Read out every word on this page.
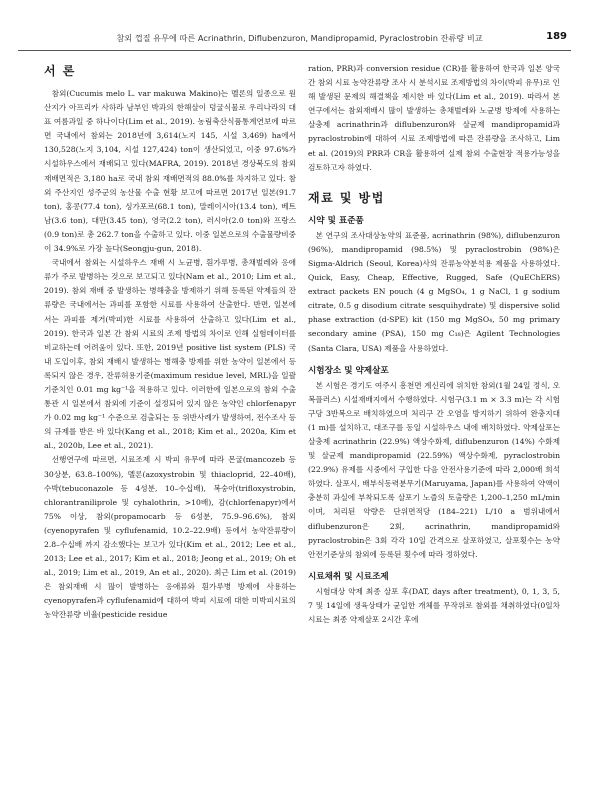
참외 껍질 유무에 따른 Acrinathrin, Diflubenzuron, Mandipropamid, Pyraclostrobin 잔류량 비교	189
서 론

참외(Cucumis melo L. var makuwa Makino)는 멜론의 일종으로 원산지가 아프리카 사하라 남부인 박과의 한해살이 덩굴식물로 우리나라의 대표 여름과일 중 하나이다(Lim et al., 2019). 농림축산식품통계연보에 따르면 국내에서 참외는 2018년에 3,614(노지 145, 시설 3,469) ha에서 130,528(노지 3,104, 시설 127,424) ton이 생산되었고, 이중 97.6%가 시설하우스에서 재배되고 있다(MAFRA, 2019). 2018년 경상북도의 참외 재배면적은 3,180 ha로 국내 참외 재배면적의 88.0%를 차지하고 있다. 참외 주산지인 성주군의 농산물 수출 현황 보고에 따르면 2017년 일본(91.7 ton), 홍콩(77.4 ton), 싱가포르(68.1 ton), 말레이시아(13.4 ton), 베트남(3.6 ton), 대만(3.45 ton), 영국(2.2 ton), 러시아(2.0 ton)와 프랑스(0.9 ton)로 총 262.7 ton을 수출하고 있다. 이중 일본으로의 수출물량비중이 34.9%로 가장 높다(Seongju-gun, 2018).

국내에서 참외는 시설하우스 재배 시 노균병, 흰가루병, 총채벌레와 응애류가 주로 발병하는 것으로 보고되고 있다(Nam et al., 2010; Lim et al., 2019). 참외 재배 중 발생하는 병해충을 방제하기 위해 등록된 약제들의 잔류량은 국내에서는 과피를 포함한 시료를 사용하여 산출한다. 반면, 일본에서는 과피를 제거(박피)한 시료를 사용하여 산출하고 있다(Lim et al., 2019). 한국과 일본 간 참외 시료의 조제 방법의 차이로 인해 실험데이터를 비교하는데 어려움이 있다. 또한, 2019년 positive list system (PLS) 국내 도입이후, 참외 재배시 발생하는 병해충 방제를 위한 농약이 일본에서 등록되지 않은 경우, 잔류허용기준(maximum residue level, MRL)을 일괄기준치인 0.01 mg kg⁻¹을 적용하고 있다. 이러한에 일본으로의 참외 수출 통관 시 일본에서 참외에 기준이 설정되어 있지 않은 농약인 chlorfenapyr가 0.02 mg kg⁻¹ 수준으로 검출되는 등 위반사례가 발생하여, 전수조사 등의 규제를 받은 바 있다(Kang et al., 2018; Kim et al., 2020a, Kim et al., 2020b, Lee et al., 2021).

선행연구에 따르면, 시료조제 시 박피 유무에 따라 몬굴(mancozeb 등 30상분, 63.8–100%), 멜론(azoxystrobin 및 thiacloprid, 22–40배), 수박(tebuconazole 등 4성분, 10–수십배), 복숭아(trifloxystrobin, chlorantraniliprole 및 cyhalothrin, >10배), 감(chlorfenapyr)에서 75% 이상, 참외(propamocarb 등 6성분, 75.9–96.6%), 참외(cyenopyrafen 및 cyflufenamid, 10.2–22.9배) 등에서 농약잔류량이 2.8–수십배 까지 감소했다는 보고가 있다(Kim et al., 2012; Lee et al., 2013; Lee et al., 2017; Kim et al., 2018; Jeong et al., 2019; Oh et al., 2019; Lim et al., 2019, An et al., 2020). 최근 Lim et al. (2019)은 참외재배 시 많이 발병하는 응애류와 흰가루병 방제에 사용하는 cyenopyrafen과 cyflufenamid에 대하여 박피 시료에 대한 미박피시료의 농약잔류량 비율(pesticide residue

ration, PRR)과 conversion residue (CR)를 활용하여 한국과 일본 양국 간 참외 시료 농약잔류량 조사 시 분석시료 조제방법의 차이(박피 유무)로 인해 발생된 문제의 해결책을 제시한 바 있다(Lim et al., 2019). 따라서 본 연구에서는 참외재배시 많이 발생하는 총채벌레와 노균병 방제에 사용하는 살충제 acrinathrin과 diflubenzuron와 살균제 mandipropamid과 pyraclostrobin에 대하여 시료 조제방법에 따른 잔류량을 조사하고, Lim et al. (2019)의 PRR과 CR을 활용하여 실제 참외 수출현장 적용가능성을 검토하고자 하였다.

재료 및 방법
시약 및 표준품

본 연구의 조사대상농약의 표준품, acrinathrin (98%), diflubenzuron (96%), mandipropamid (98.5%) 및 pyraclostrobin (98%)은 Sigma-Aldrich (Seoul, Korea)사의 잔류농약분석용 제품을 사용하였다. Quick, Easy, Cheap, Effective, Rugged, Safe (QuEChERS) extract packets EN pouch (4 g MgSO₄, 1 g NaCl, 1 g sodium citrate, 0.5 g disodium citrate sesquihydrate) 및 dispersive solid phase extraction (d-SPE) kit (150 mg MgSO₄, 50 mg primary secondary amine (PSA), 150 mg C₁₈)은 Agilent Technologies (Santa Clara, USA) 제품을 사용하였다.

시험장소 및 약제살포

본 시험은 경기도 여주시 흥천면 계신리에 위치한 참외(1월 24일 정식, 오복플러스) 시설재배지에서 수행하였다. 시험구(3.1 m × 3.3 m)는 각 시험구당 3반복으로 배치하였으며 처리구 간 오염을 방지하기 위하여 완충지대(1 m)를 설치하고, 대조구를 동일 시설하우스 내에 배치하였다. 약제살포는 살충제 acrinathrin (22.9%) 액상수화제, diflubenzuron (14%) 수화제 및 살균제 mandipropamid (22.59%) 액상수화제, pyraclostrobin (22.9%) 유제를 시중에서 구입한 다음 안전사용기준에 따라 2,000배 희석하였다. 살포시, 배부식동력분무기(Maruyama, Japan)를 사용하여 약액이 충분히 과실에 부착되도록 살포기 노즐의 토출량은 1,200–1,250 mL/min 이며, 처리된 약량은 단위면적당 (184–221) L/10 a 범위내에서 diflubenzuron은 2회, acrinathrin, mandipropamid와 pyraclostrobin은 3회 각각 10일 간격으로 살포하였고, 살포횟수는 농약안전기준상의 참외에 등록된 횟수에 따라 정하였다.

시료채취 및 시료조제

시험대상 약제 최종 살포 후(DAT, days after treatment), 0, 1, 3, 5, 7 및 14일에 생육상태가 균일한 개체를 무작위로 참외를 채취하였다(0일차 시료는 최종 약제살포 2시간 후에
